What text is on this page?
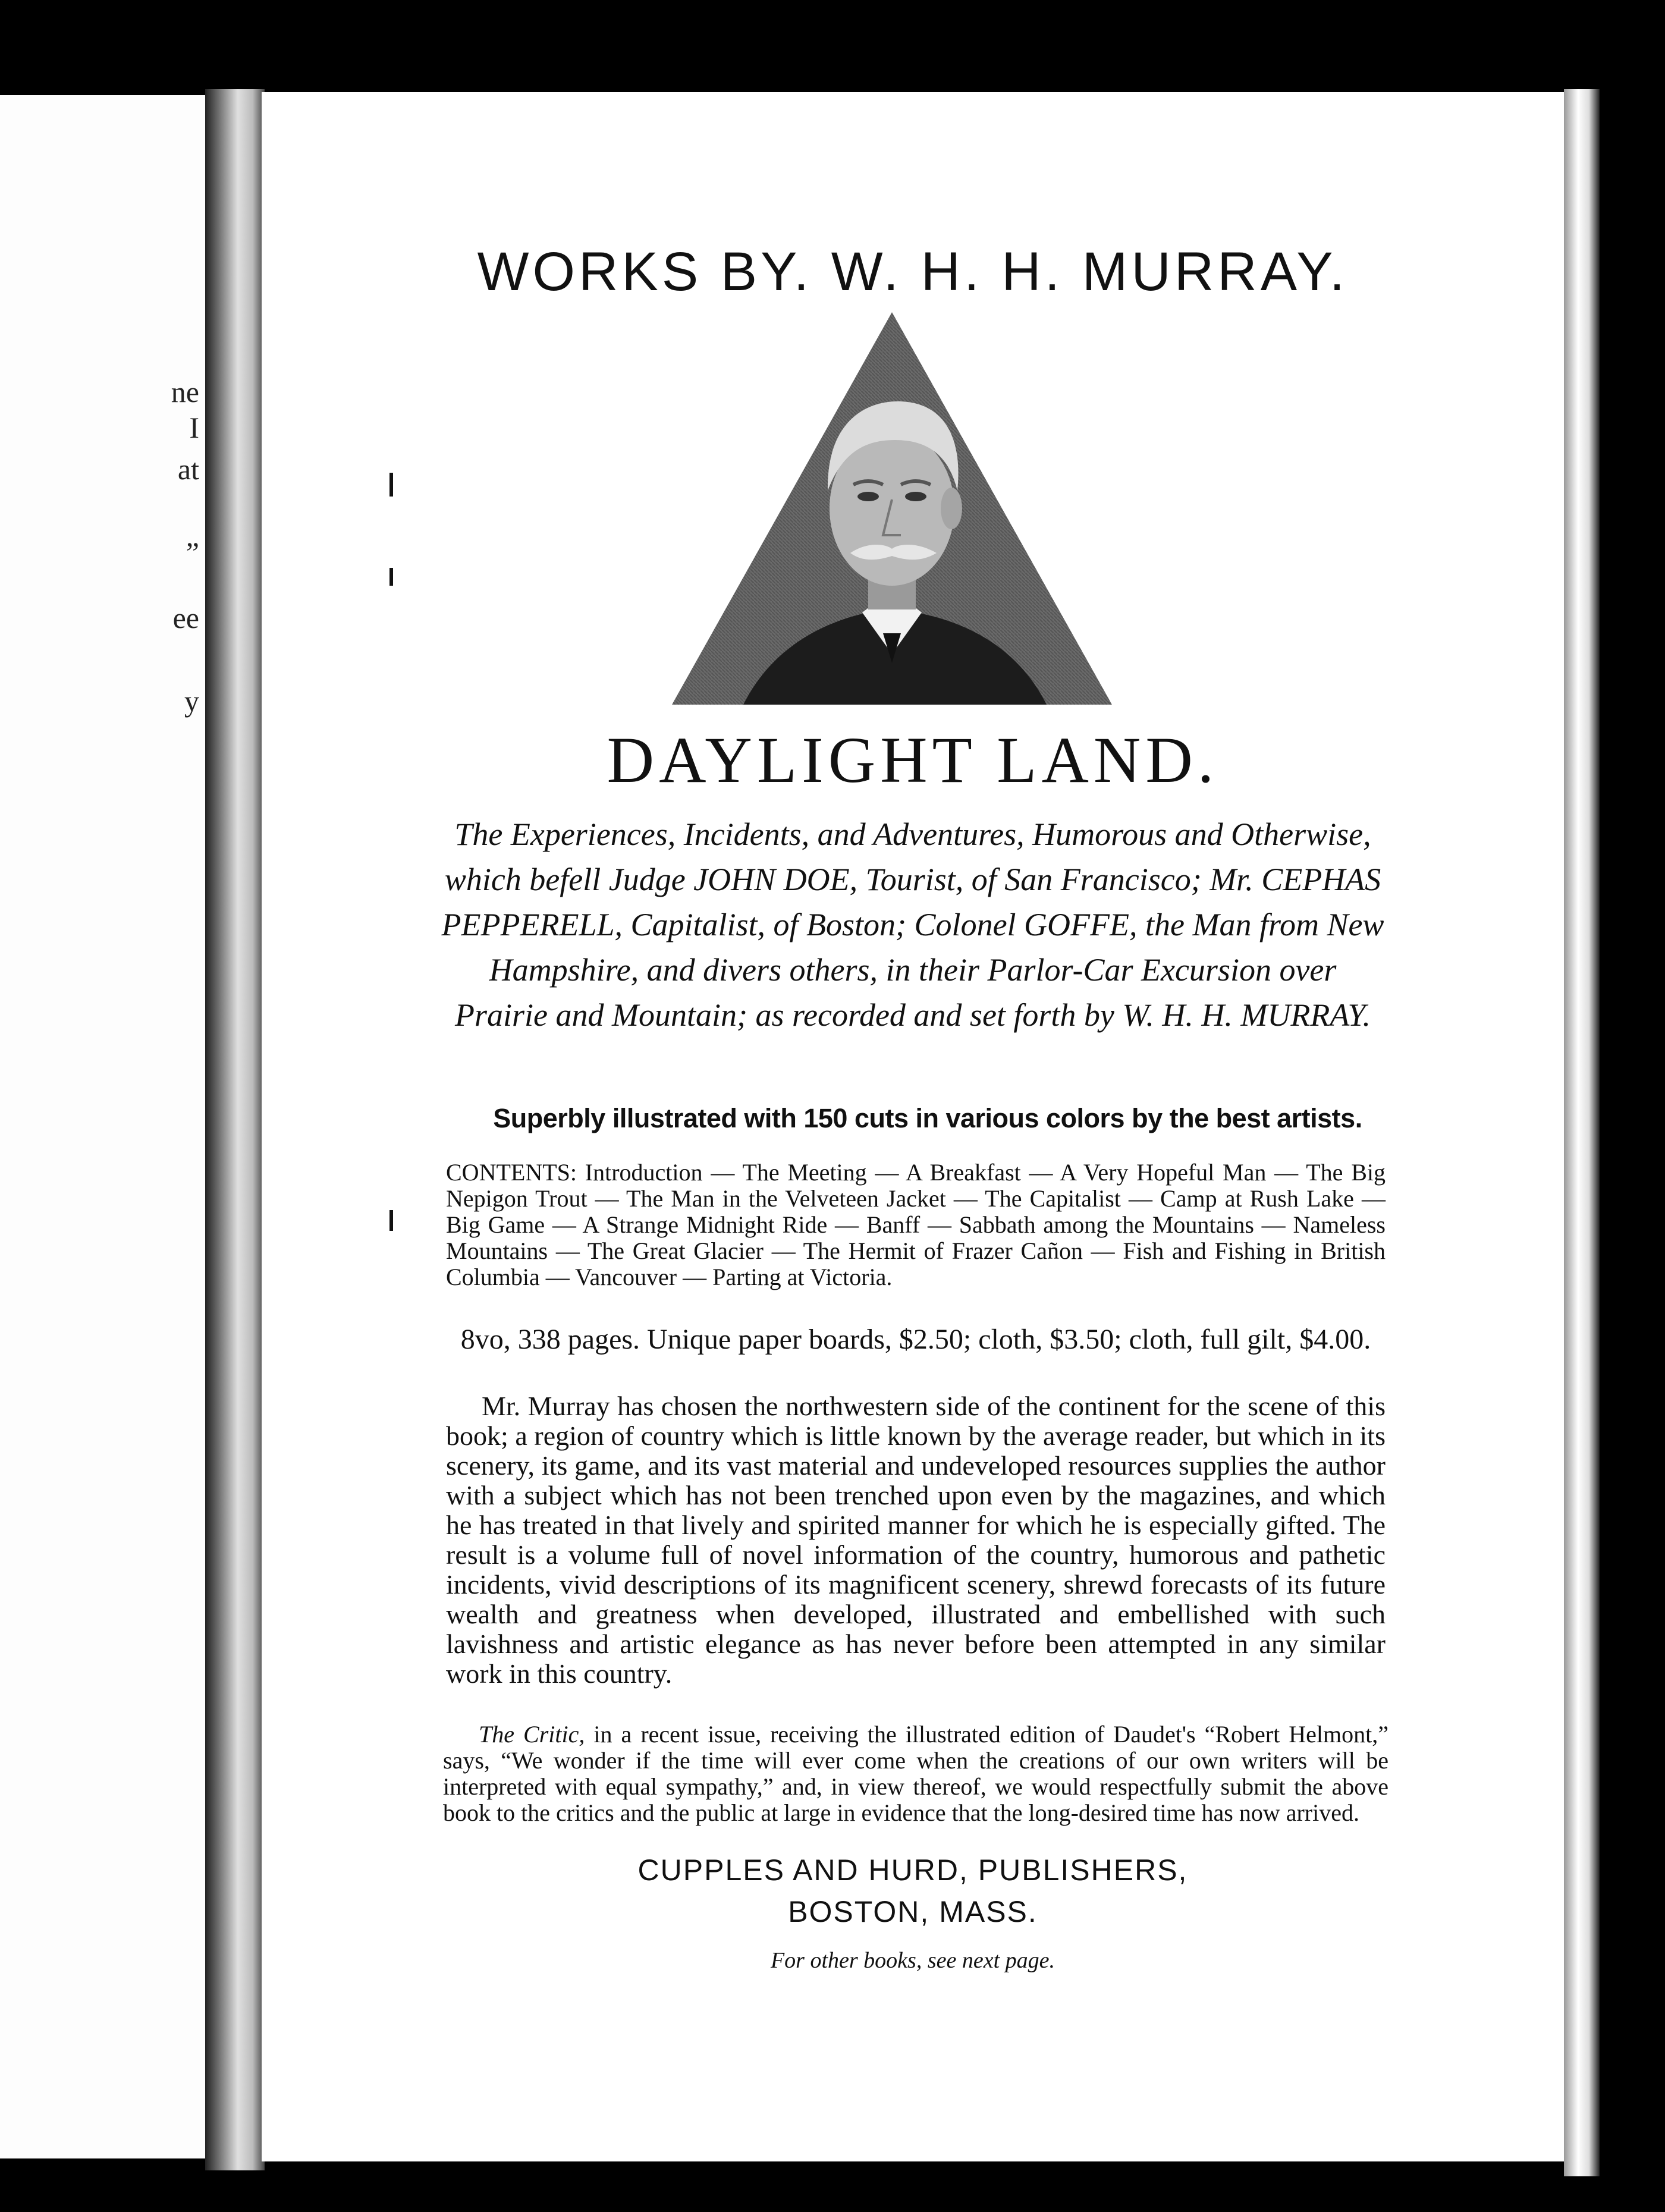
ne
I
at
”
ee
y
WORKS BY. W. H. H. MURRAY.
DAYLIGHT LAND.
The Experiences, Incidents, and Adventures, Humorous and Otherwise, which befell Judge JOHN DOE, Tourist, of San Francisco; Mr. CEPHAS PEPPERELL, Capitalist, of Boston; Colonel GOFFE, the Man from New Hampshire, and divers others, in their Parlor-Car Excursion over Prairie and Mountain; as recorded and set forth by W. H. H. MURRAY.
Superbly illustrated with 150 cuts in various colors by the best artists.
CONTENTS: Introduction — The Meeting — A Breakfast — A Very Hopeful Man — The Big Nepigon Trout — The Man in the Velveteen Jacket — The Capitalist — Camp at Rush Lake — Big Game — A Strange Midnight Ride — Banff — Sabbath among the Mountains — Nameless Mountains — The Great Glacier — The Hermit of Frazer Cañon — Fish and Fishing in British Columbia — Vancouver — Parting at Victoria.
8vo, 338 pages. Unique paper boards, $2.50; cloth, $3.50; cloth, full gilt, $4.00.
Mr. Murray has chosen the northwestern side of the continent for the scene of this book; a region of country which is little known by the average reader, but which in its scenery, its game, and its vast material and undeveloped resources supplies the author with a subject which has not been trenched upon even by the magazines, and which he has treated in that lively and spirited manner for which he is especially gifted. The result is a volume full of novel information of the country, humorous and pathetic incidents, vivid descriptions of its magnificent scenery, shrewd forecasts of its future wealth and greatness when developed, illustrated and embellished with such lavishness and artistic elegance as has never before been attempted in any similar work in this country.
The Critic, in a recent issue, receiving the illustrated edition of Daudet's “Robert Helmont,” says, “We wonder if the time will ever come when the creations of our own writers will be interpreted with equal sympathy,” and, in view thereof, we would respectfully submit the above book to the critics and the public at large in evidence that the long-desired time has now arrived.
CUPPLES AND HURD, PUBLISHERS,
BOSTON, MASS.
For other books, see next page.
